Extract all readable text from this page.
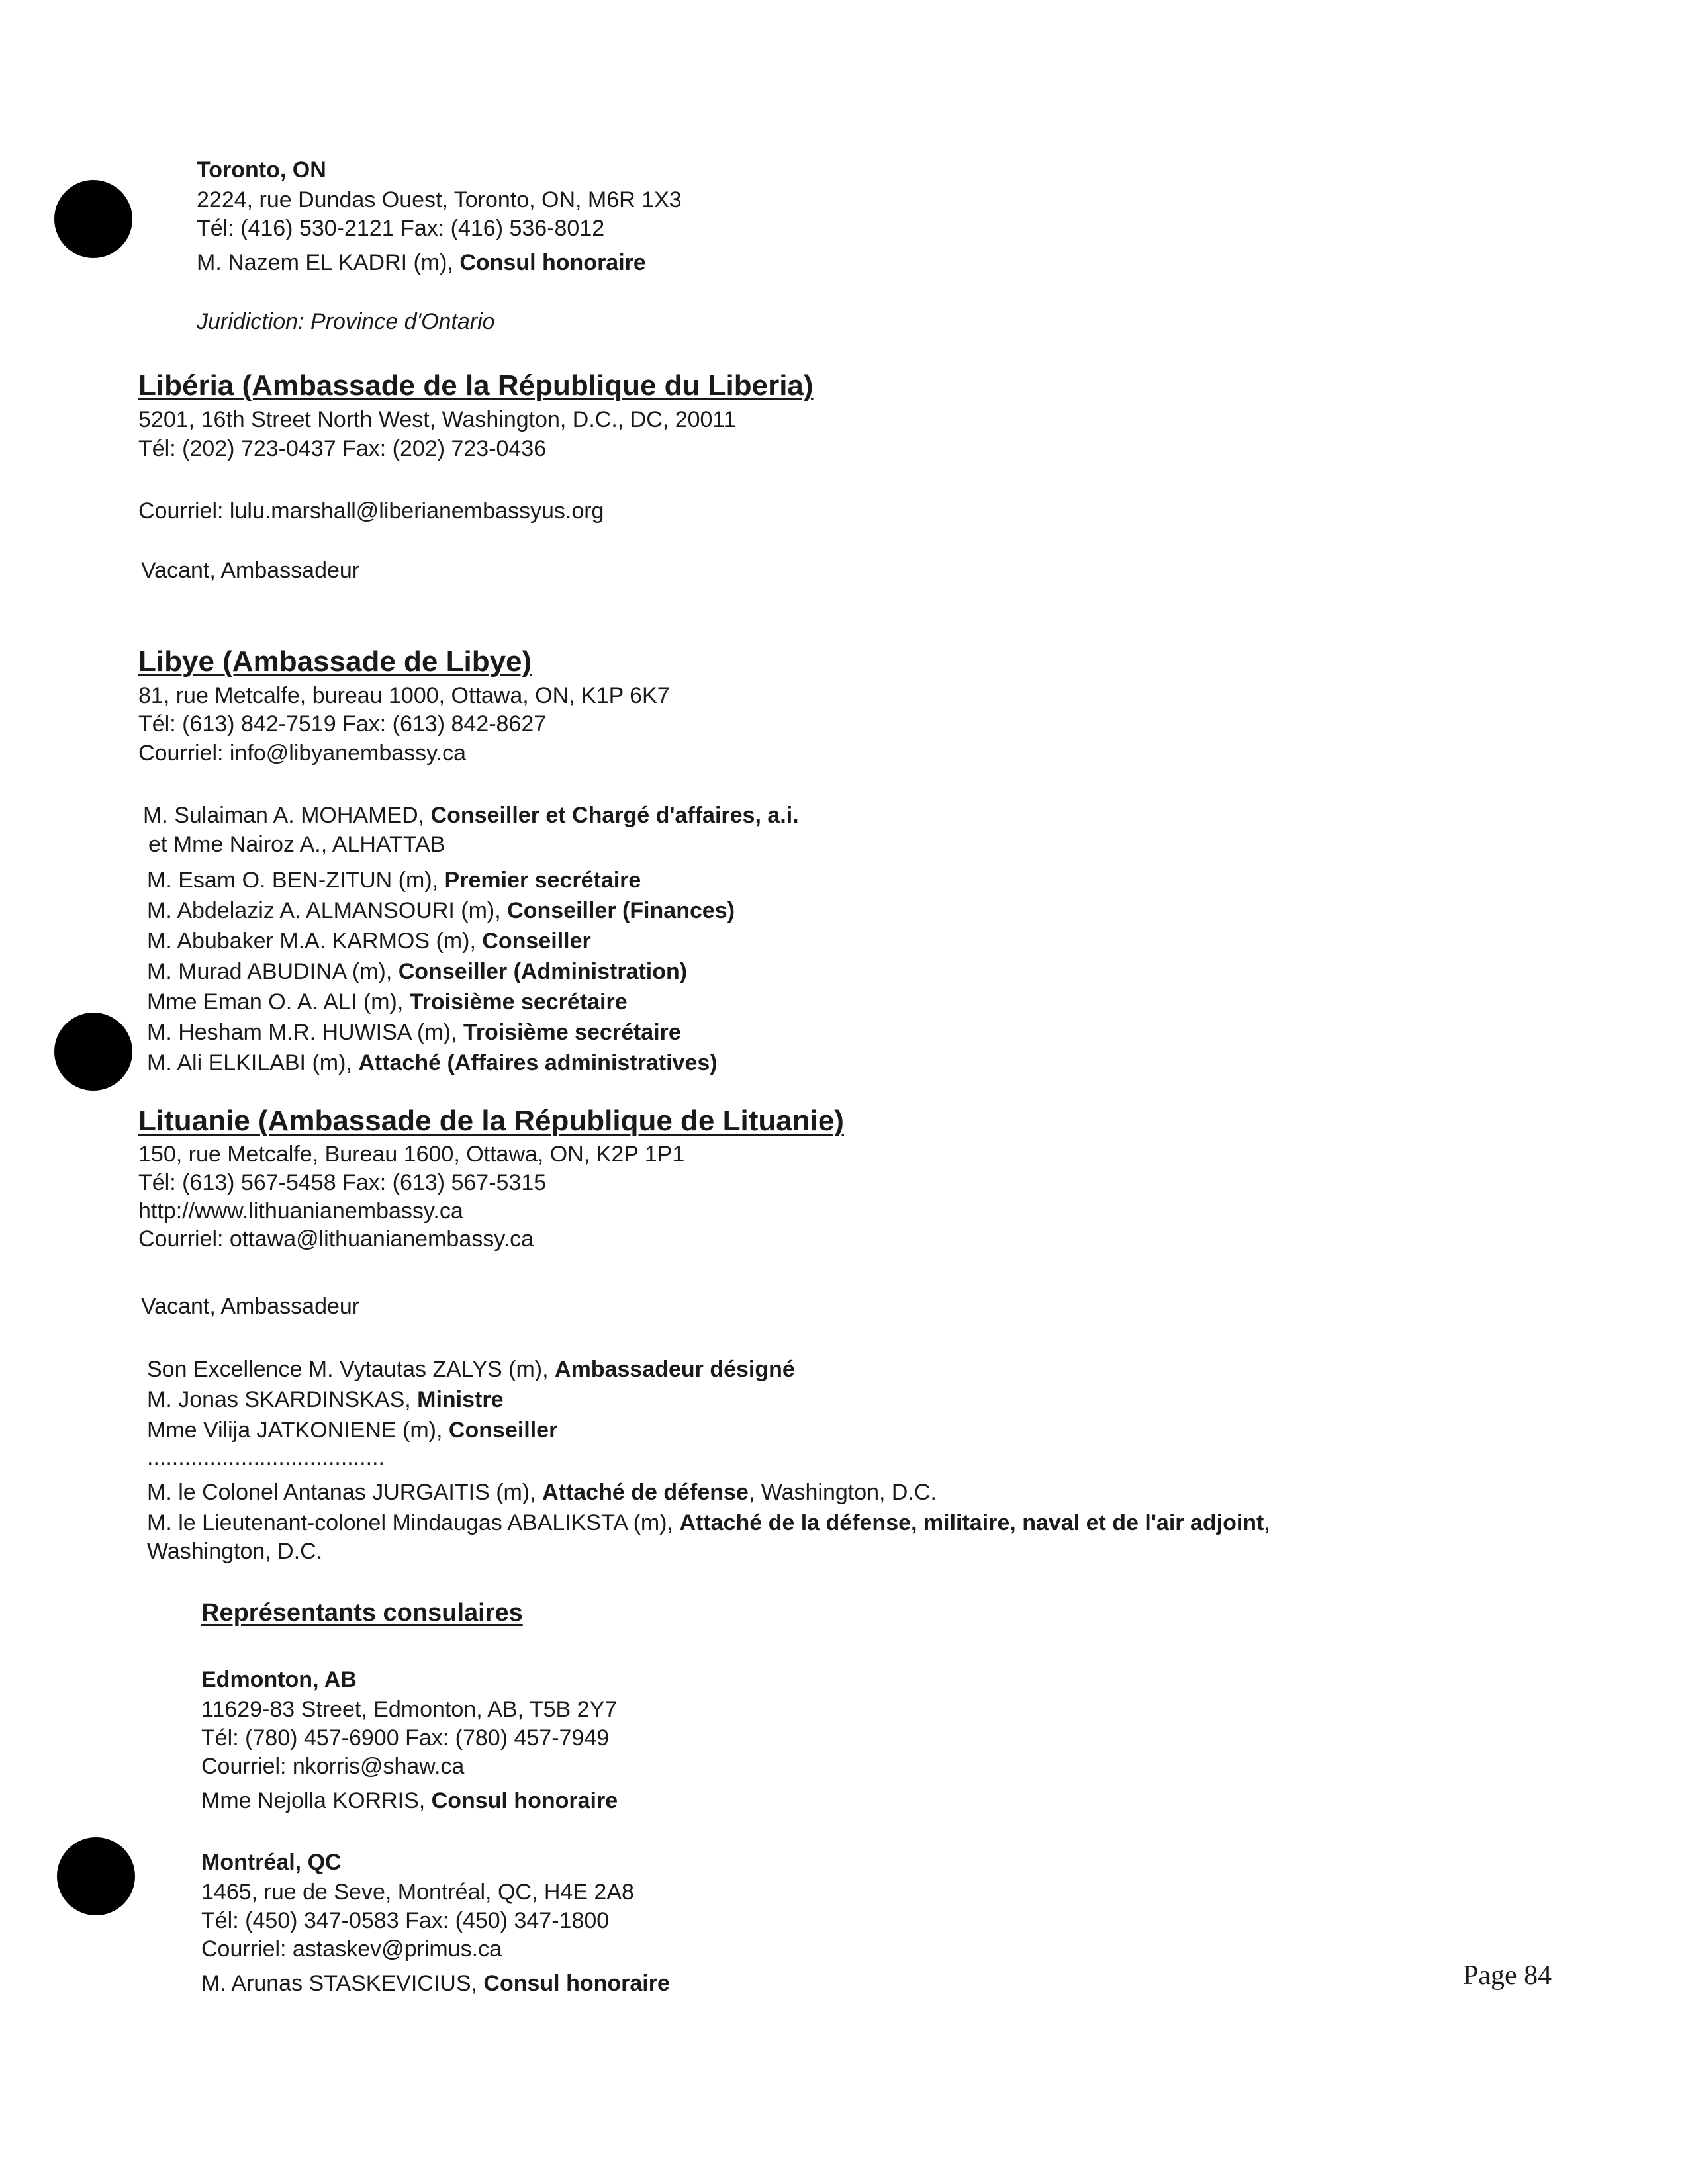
Toronto, ON
2224, rue Dundas Ouest, Toronto, ON, M6R 1X3
Tél: (416) 530-2121 Fax: (416) 536-8012
M. Nazem EL KADRI (m), Consul honoraire
Juridiction: Province d'Ontario
Libéria (Ambassade de la République du Liberia)
5201, 16th Street North West, Washington, D.C., DC, 20011
Tél: (202) 723-0437 Fax: (202) 723-0436
Courriel: lulu.marshall@liberianembassyus.org
Vacant, Ambassadeur
Libye (Ambassade de Libye)
81, rue Metcalfe, bureau 1000, Ottawa, ON, K1P 6K7
Tél: (613) 842-7519 Fax: (613) 842-8627
Courriel: info@libyanembassy.ca
M. Sulaiman A. MOHAMED, Conseiller et Chargé d'affaires, a.i.
et Mme Nairoz A., ALHATTAB
M. Esam O. BEN-ZITUN (m), Premier secrétaire
M. Abdelaziz A. ALMANSOURI (m), Conseiller (Finances)
M. Abubaker M.A. KARMOS (m), Conseiller
M. Murad ABUDINA (m), Conseiller (Administration)
Mme Eman O. A. ALI (m), Troisième secrétaire
M. Hesham M.R. HUWISA (m), Troisième secrétaire
M. Ali ELKILABI (m), Attaché (Affaires administratives)
Lituanie (Ambassade de la République de Lituanie)
150, rue Metcalfe, Bureau 1600, Ottawa, ON, K2P 1P1
Tél: (613) 567-5458 Fax: (613) 567-5315
http://www.lithuanianembassy.ca
Courriel: ottawa@lithuanianembassy.ca
Vacant, Ambassadeur
Son Excellence M. Vytautas ZALYS (m), Ambassadeur désigné
M. Jonas SKARDINSKAS, Ministre
Mme Vilija JATKONIENE (m), Conseiller
......................................
M. le Colonel Antanas JURGAITIS (m), Attaché de défense, Washington, D.C.
M. le Lieutenant-colonel Mindaugas ABALIKSTA (m), Attaché de la défense, militaire, naval et de l'air adjoint,
Washington, D.C.
Représentants consulaires
Edmonton, AB
11629-83 Street, Edmonton, AB, T5B 2Y7
Tél: (780) 457-6900 Fax: (780) 457-7949
Courriel: nkorris@shaw.ca
Mme Nejolla KORRIS, Consul honoraire
Montréal, QC
1465, rue de Seve, Montréal, QC, H4E 2A8
Tél: (450) 347-0583 Fax: (450) 347-1800
Courriel: astaskev@primus.ca
M. Arunas STASKEVICIUS, Consul honoraire	Page 84
